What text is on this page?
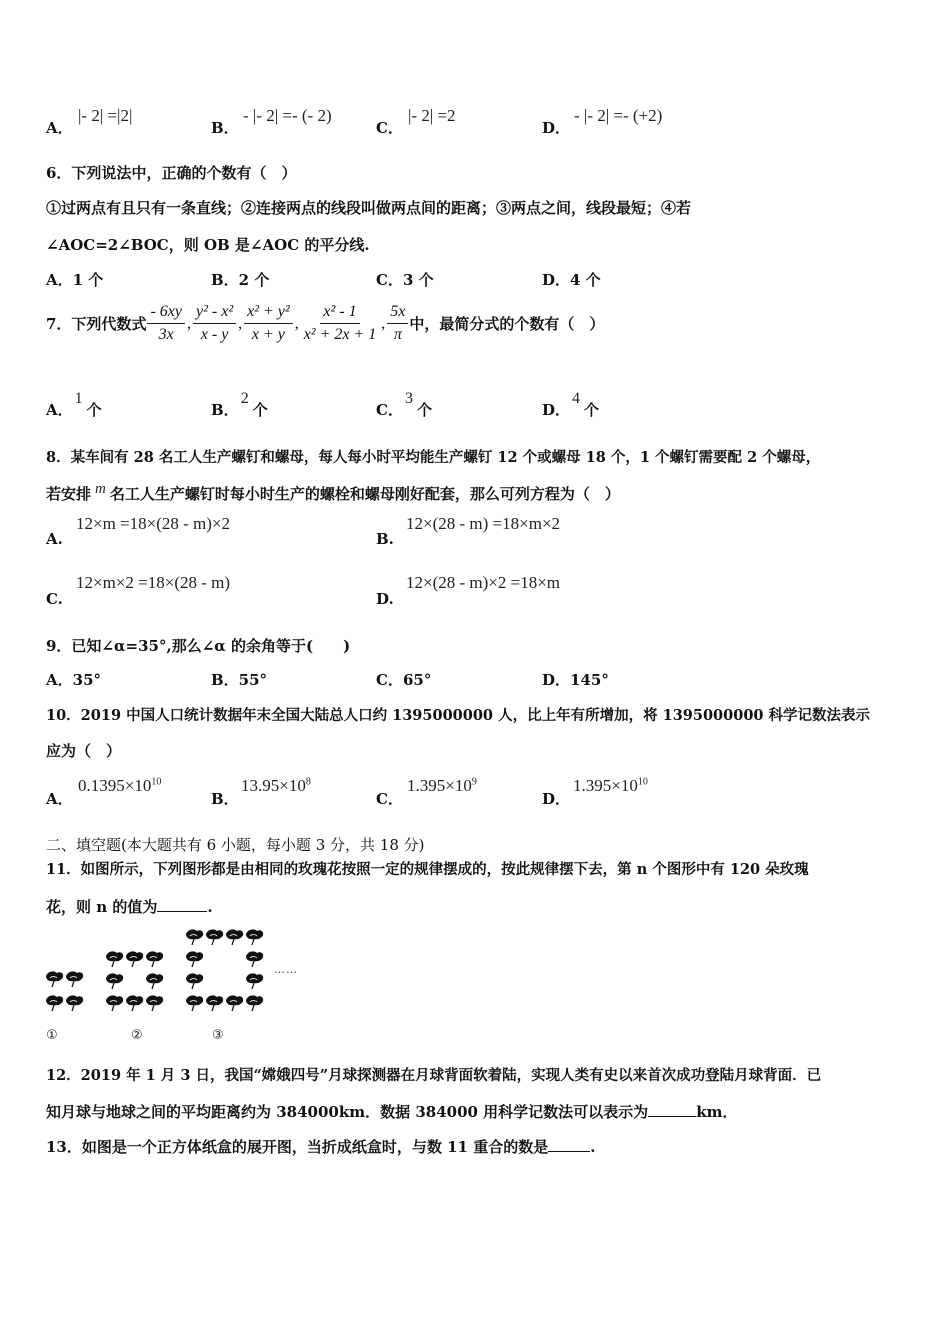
A．
|- 2| =|2|
B．
- |- 2| =- (- 2)
C．
|- 2| =2
D．
- |- 2| =- (+2)
6．下列说法中，正确的个数有（　）
①过两点有且只有一条直线；②连接两点的线段叫做两点间的距离；③两点之间，线段最短；④若
∠AOC=2∠BOC，则 OB 是∠AOC 的平分线.
A．1 个	B．2 个	C．3 个	D．4 个
7．下列代数式 $\frac{- 6xy}{3x}$ , $\frac{\text{y² - x²}}{x - y}$ , $\frac{\text{x² + y²}}{x + y}$ , $\frac{\text{x² - 1}}{\text{x² + 2x + 1}}$ , $\frac{5x}{\pi}$ 中，最简分式的个数有（　）
A．1个	B．2个	C．3个	D．4个
8．某车间有 28 名工人生产螺钉和螺母，每人每小时平均能生产螺钉 12 个或螺母 18 个，1 个螺钉需要配 2 个螺母，
若安排 m 名工人生产螺钉时每小时生产的螺栓和螺母刚好配套，那么可列方程为（　）
A.
12×m =18×(28 - m)×2
B.
12×(28 - m) =18×m×2
C.
12×m×2 =18×(28 - m)
D.
12×(28 - m)×2 =18×m
9．已知∠α=35°,那么∠α 的余角等于(　　)
A．35°	B．55°	C．65°	D．145°
10．2019 中国人口统计数据年末全国大陆总人口约 1395000000 人，比上年有所增加，将 1395000000 科学记数法表示
应为（　）
A．
$0.1395\times 10^{10}$
B．
$13.95\times 10^8$
C．
$1.395\times 10^9$
D．
$1.395\times 10^{10}$
二、填空题(本大题共有 6 小题，每小题 3 分，共 18 分)
11．如图所示，下列图形都是由相同的玫瑰花按照一定的规律摆成的，按此规律摆下去，第 n 个图形中有 120 朵玫瑰
花，则 n 的值为	.
①	②	③
……
12．2019 年 1 月 3 日，我国“嫦娥四号”月球探测器在月球背面软着陆，实现人类有史以来首次成功登陆月球背面．已
知月球与地球之间的平均距离约为 384000km．数据 384000 用科学记数法可以表示为	km．
13．如图是一个正方体纸盒的展开图，当折成纸盒时，与数 11 重合的数是	.
